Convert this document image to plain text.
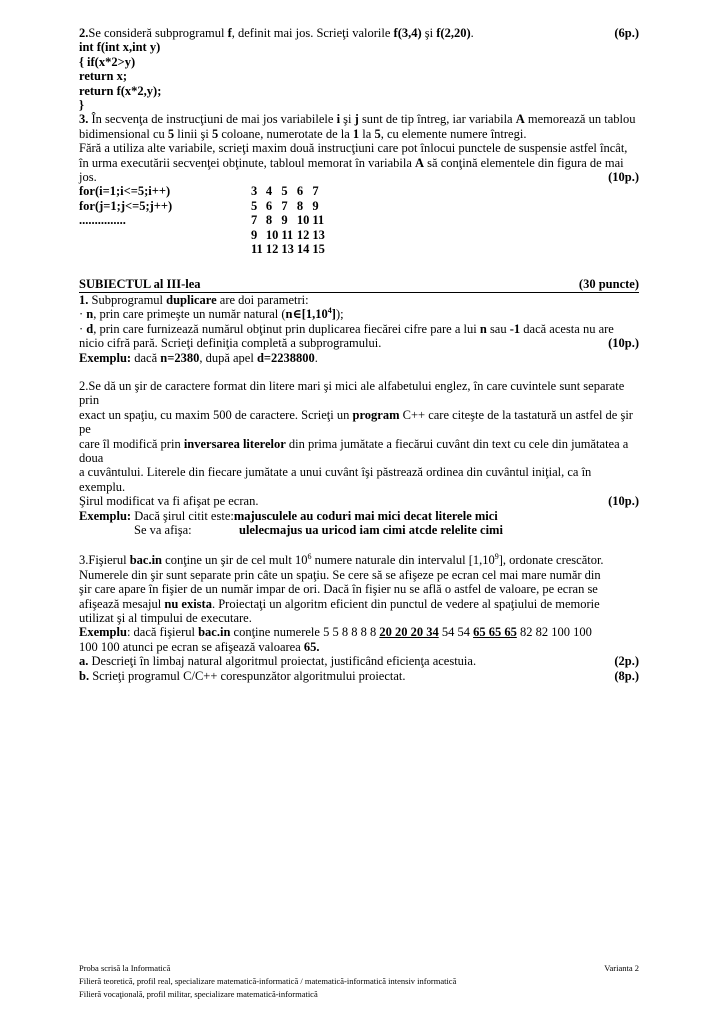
2.Se consideră subprogramul f, definit mai jos. Scrieţi valorile f(3,4) şi f(2,20).	(6p.)

int f(int x,int y)

{ if(x*2>y)

return x;

return f(x*2,y);

}

3. În secvenţa de instrucţiuni de mai jos variabilele i şi j sunt de tip întreg, iar variabila A memorează un tablou

bidimensional cu 5 linii şi 5 coloane, numerotate de la 1 la 5, cu elemente numere întregi.

Fără a utiliza alte variabile, scrieţi maxim două instrucţiuni care pot înlocui punctele de suspensie astfel încât,

în urma executării secvenţei obţinute, tabloul memorat în variabila A să conţină elementele din figura de mai

jos.	(10p.)

for(i=1;i<=5;i++)

for(j=1;j<=5;j++)

...............

3	4	5	6	7
5	6	7	8	9
7	8	9	10	11
9	10	11	12	13
11	12	13	14	15
SUBIECTUL al III-lea	(30 puncte)

1. Subprogramul duplicare are doi parametri:

· n, prin care primeşte un număr natural (n∈[1,10$^4$]);

· d, prin care furnizează numărul obţinut prin duplicarea fiecărei cifre pare a lui n sau -1 dacă acesta nu are

nicio cifră pară. Scrieţi definiţia completă a subprogramului.	(10p.)

Exemplu: dacă n=2380, după apel d=2238800.

2.Se dă un şir de caractere format din litere mari şi mici ale alfabetului englez, în care cuvintele sunt separate prin

exact un spaţiu, cu maxim 500 de caractere. Scrieţi un program C++ care citeşte de la tastatură un astfel de şir pe

care îl modifică prin inversarea literelor din prima jumătate a fiecărui cuvânt din text cu cele din jumătatea a doua

a cuvântului. Literele din fiecare jumătate a unui cuvânt îşi păstrează ordinea din cuvântul iniţial, ca în exemplu.

Şirul modificat va fi afişat pe ecran.	(10p.)
Exemplu: Dacă şirul citit este: majusculele au coduri mai mici decat literele mici
Se va afişa:	ulelecmajus ua uricod iam cimi atcde relelite cimi

3.Fişierul bac.in conţine un şir de cel mult $10^6$ numere naturale din intervalul [1,10$^9$], ordonate crescător.

Numerele din şir sunt separate prin câte un spaţiu. Se cere să se afişeze pe ecran cel mai mare număr din

şir care apare în fişier de un număr impar de ori. Dacă în fişier nu se află o astfel de valoare, pe ecran se

afişează mesajul nu exista. Proiectaţi un algoritm eficient din punctul de vedere al spaţiului de memorie

utilizat şi al timpului de executare.

Exemplu: dacă fişierul bac.in conţine numerele 5 5 8 8 8 8 20 20 20 34 54 54 65 65 65 82 82 100 100

100 100 atunci pe ecran se afişează valoarea 65.

a. Descrieţi în limbaj natural algoritmul proiectat, justificând eficienţa acestuia.	(2p.)
b. Scrieţi programul C/C++ corespunzător algoritmului proiectat.	(8p.)
Proba scrisă la Informatică	Varianta 2

Filieră teoretică, profil real, specializare matematică-informatică / matematică-informatică intensiv informatică

Filieră vocaţională, profil militar, specializare matematică-informatică
